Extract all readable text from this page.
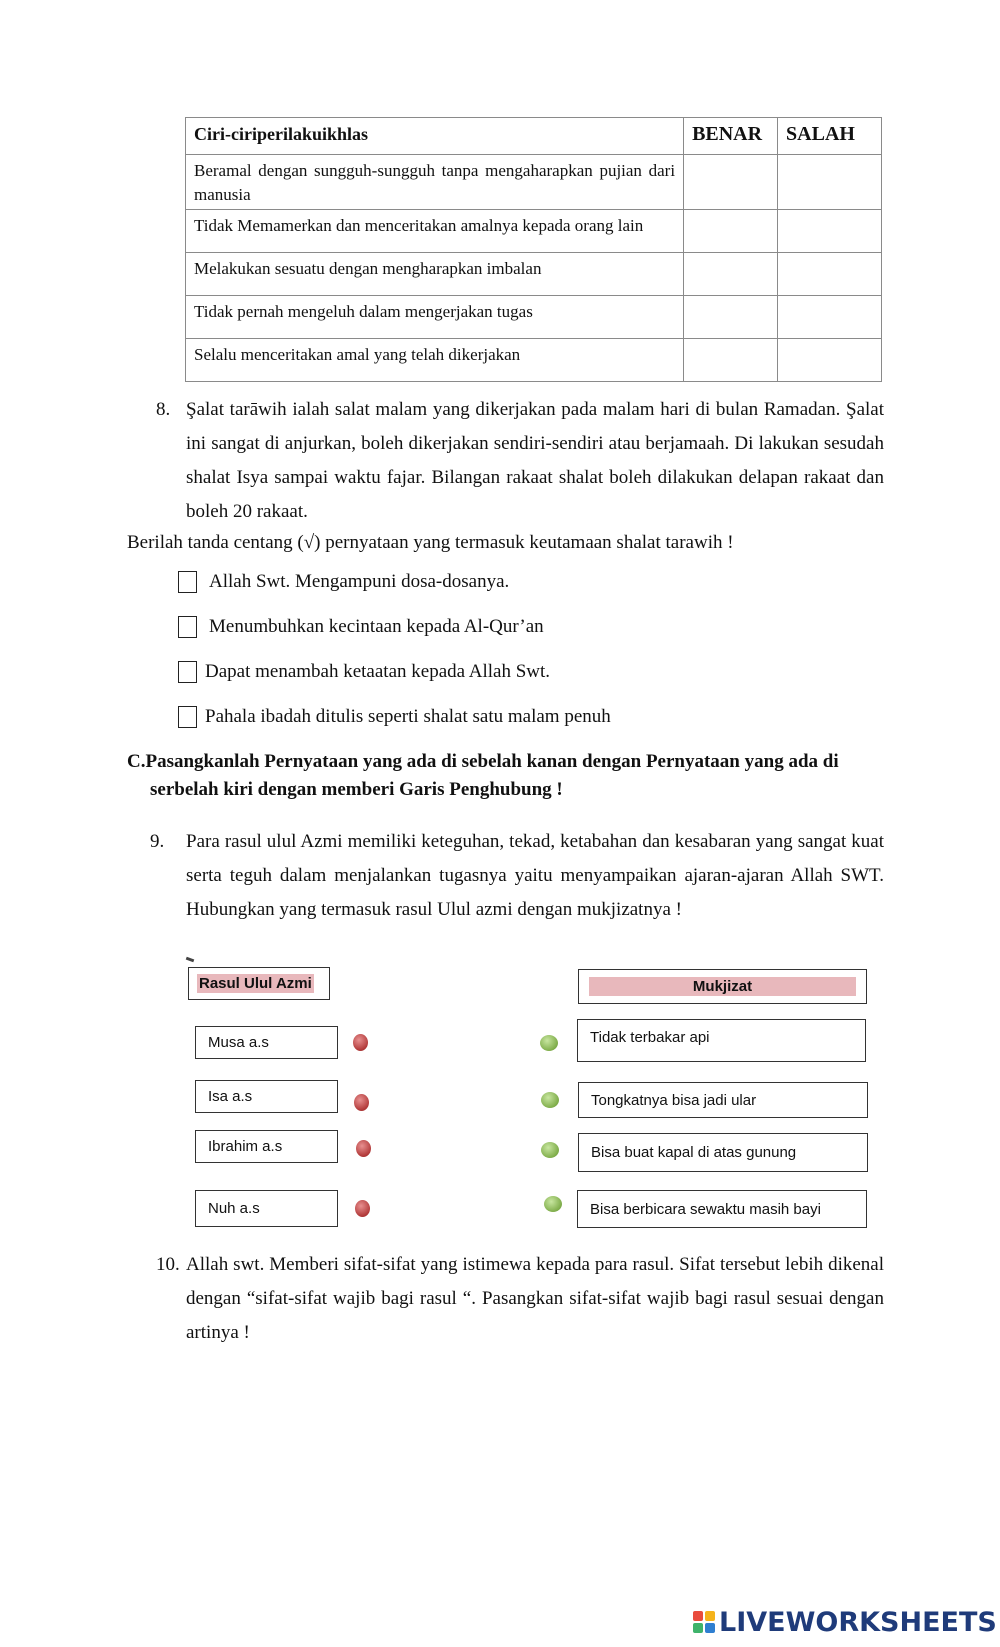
Ciri-ciriperilakuikhlas	BENAR	SALAH
Beramal dengan sungguh-sungguh tanpa mengaharapkan pujian dari manusia		
Tidak Memamerkan dan menceritakan amalnya kepada orang lain		
Melakukan sesuatu dengan mengharapkan imbalan		
Tidak pernah mengeluh dalam mengerjakan tugas		
Selalu menceritakan amal yang telah dikerjakan		
8. Şalat tarāwih ialah salat malam yang dikerjakan pada malam hari di bulan Ramadan. Şalat ini sangat di anjurkan, boleh dikerjakan sendiri-sendiri atau berjamaah. Di lakukan sesudah shalat Isya sampai waktu fajar. Bilangan rakaat shalat boleh dilakukan delapan rakaat dan boleh 20 rakaat.
Berilah tanda centang (√) pernyataan yang termasuk keutamaan shalat tarawih !
Allah Swt. Mengampuni dosa-dosanya.
Menumbuhkan kecintaan kepada Al-Qur’an
Dapat menambah ketaatan kepada Allah Swt.
Pahala ibadah ditulis seperti shalat satu malam penuh
C.Pasangkanlah Pernyataan yang ada di sebelah kanan dengan Pernyataan yang ada di
serbelah kiri dengan memberi Garis Penghubung !
9. Para rasul ulul Azmi memiliki keteguhan, tekad, ketabahan dan kesabaran yang sangat kuat serta teguh dalam menjalankan tugasnya yaitu menyampaikan ajaran-ajaran Allah SWT. Hubungkan yang termasuk rasul Ulul azmi dengan mukjizatnya !
Rasul Ulul Azmi	Mukjizat
Musa a.s
Isa a.s
Ibrahim a.s
Nuh a.s
Tidak terbakar api
Tongkatnya bisa jadi ular
Bisa buat kapal di atas gunung
Bisa berbicara sewaktu masih bayi
10. Allah swt. Memberi sifat-sifat yang istimewa kepada para rasul. Sifat tersebut lebih dikenal dengan “sifat-sifat wajib bagi rasul “. Pasangkan sifat-sifat wajib bagi rasul sesuai dengan artinya !
LIVEWORKSHEETS
